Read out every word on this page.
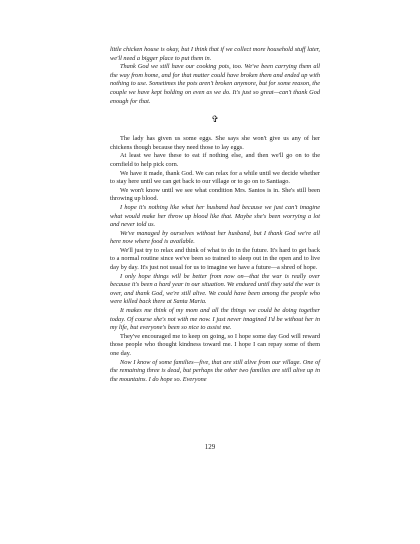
little chicken house is okay, but I think that if we collect more household stuff later, we'll need a bigger place to put them in.

Thank God we still have our cooking pots, too. We've been carrying them all the way from home, and for that matter could have broken them and ended up with nothing to use. Sometimes the pots aren't broken anymore, but for some reason, the couple we have kept holding on even as we do. It's just so great—can't thank God enough for that.

✞

The lady has given us some eggs. She says she won't give us any of her chickens though because they need those to lay eggs.

At least we have these to eat if nothing else, and then we'll go on to the cornfield to help pick corn.

We have it made, thank God. We can relax for a while until we decide whether to stay here until we can get back to our village or to go on to Santiago.

We won't know until we see what condition Mrs. Santos is in. She's still been throwing up blood.

I hope it's nothing like what her husband had because we just can't imagine what would make her throw up blood like that. Maybe she's been worrying a lot and never told us.

We've managed by ourselves without her husband, but I thank God we're all here now where food is available.

We'll just try to relax and think of what to do in the future. It's hard to get back to a normal routine since we've been so trained to sleep out in the open and to live day by day. It's just not usual for us to imagine we have a future—a shred of hope.

I only hope things will be better from now on—that the war is really over because it's been a hard year in our situation. We endured until they said the war is over, and thank God, we're still alive. We could have been among the people who were killed back there at Santa Maria.

It makes me think of my mom and all the things we could be doing together today. Of course she's not with me now. I just never imagined I'd be without her in my life, but everyone's been so nice to assist me.

They've encouraged me to keep on going, so I hope some day God will reward those people who thought kindness toward me. I hope I can repay some of them one day.

Now I know of some families—five, that are still alive from our village. One of the remaining three is dead, but perhaps the other two families are still alive up in the mountains. I do hope so. Everyone

129
